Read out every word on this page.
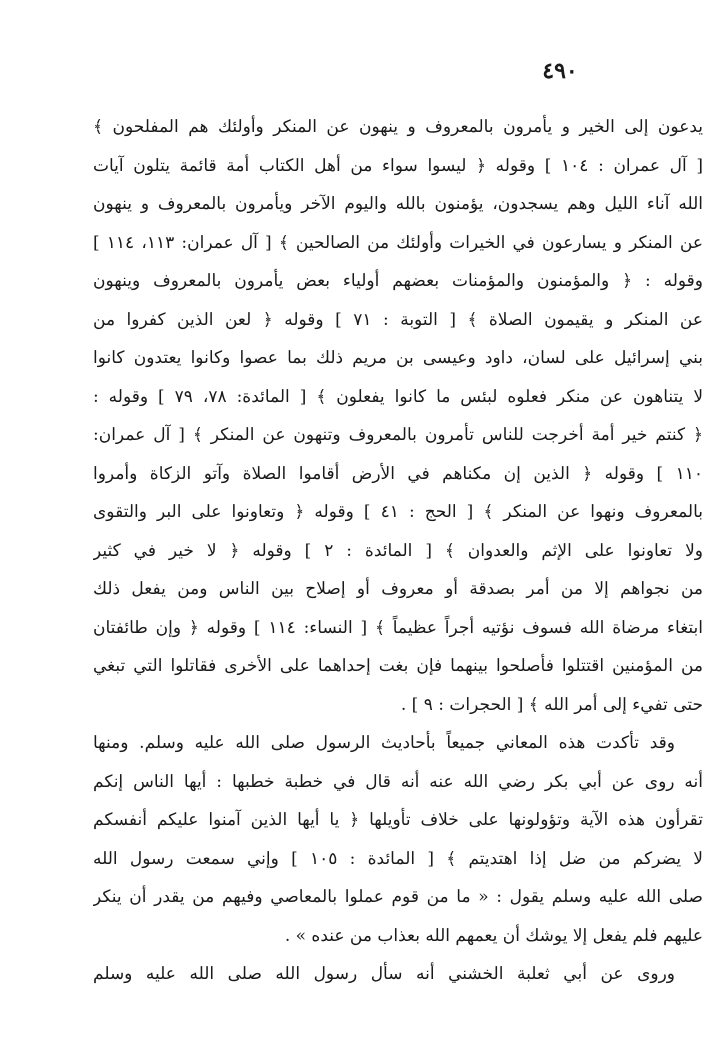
٤٩٠
يدعون إلى الخير و يأمرون بالمعروف و ينهون عن المنكر وأولئك هم المفلحون ﴾
[ آل عمران : ١٠٤ ] وقوله ﴿ ليسوا سواء من أهل الكتاب أمة قائمة يتلون آيات
الله آناء الليل وهم يسجدون، يؤمنون بالله واليوم الآخر ويأمرون بالمعروف و ينهون
عن المنكر و يسارعون في الخيرات وأولئك من الصالحين ﴾ [ آل عمران: ١١٣، ١١٤ ]
وقوله : ﴿ والمؤمنون والمؤمنات بعضهم أولياء بعض يأمرون بالمعروف وينهون
عن المنكر و يقيمون الصلاة ﴾ [ التوبة : ٧١ ] وقوله ﴿ لعن الذين كفروا من
بني إسرائيل على لسان، داود وعيسى بن مريم ذلك بما عصوا وكانوا يعتدون كانوا
لا يتناهون عن منكر فعلوه لبئس ما كانوا يفعلون ﴾ [ المائدة: ٧٨، ٧٩ ] وقوله :
﴿ كنتم خير أمة أخرجت للناس تأمرون بالمعروف وتنهون عن المنكر ﴾ [ آل عمران:
١١٠ ] وقوله ﴿ الذين إن مكناهم في الأرض أقاموا الصلاة وآتو الزكاة وأمروا
بالمعروف ونهوا عن المنكر ﴾ [ الحج : ٤١ ] وقوله ﴿ وتعاونوا على البر والتقوى
ولا تعاونوا على الإثم والعدوان ﴾ [ المائدة : ٢ ] وقوله ﴿ لا خير في كثير
من نجواهم إلا من أمر بصدقة أو معروف أو إصلاح بين الناس ومن يفعل ذلك
ابتغاء مرضاة الله فسوف نؤتيه أجراً عظيماً ﴾ [ النساء: ١١٤ ] وقوله ﴿ وإن طائفتان
من المؤمنين اقتتلوا فأصلحوا بينهما فإن بغت إحداهما على الأخرى فقاتلوا التي تبغي
حتى تفيء إلى أمر الله ﴾ [ الحجرات : ٩ ] .
وقد تأكدت هذه المعاني جميعاً بأحاديث الرسول صلى الله عليه وسلم. ومنها
أنه روى عن أبي بكر رضي الله عنه أنه قال في خطبة خطبها : أيها الناس إنكم
تقرأون هذه الآية وتؤولونها على خلاف تأويلها ﴿ يا أيها الذين آمنوا عليكم أنفسكم
لا يضركم من ضل إذا اهتديتم ﴾ [ المائدة : ١٠٥ ] وإني سمعت رسول الله
صلى الله عليه وسلم يقول : « ما من قوم عملوا بالمعاصي وفيهم من يقدر أن ينكر
عليهم فلم يفعل إلا يوشك أن يعمهم الله بعذاب من عنده » .
وروى عن أبي ثعلبة الخشني أنه سأل رسول الله صلى الله عليه وسلم
